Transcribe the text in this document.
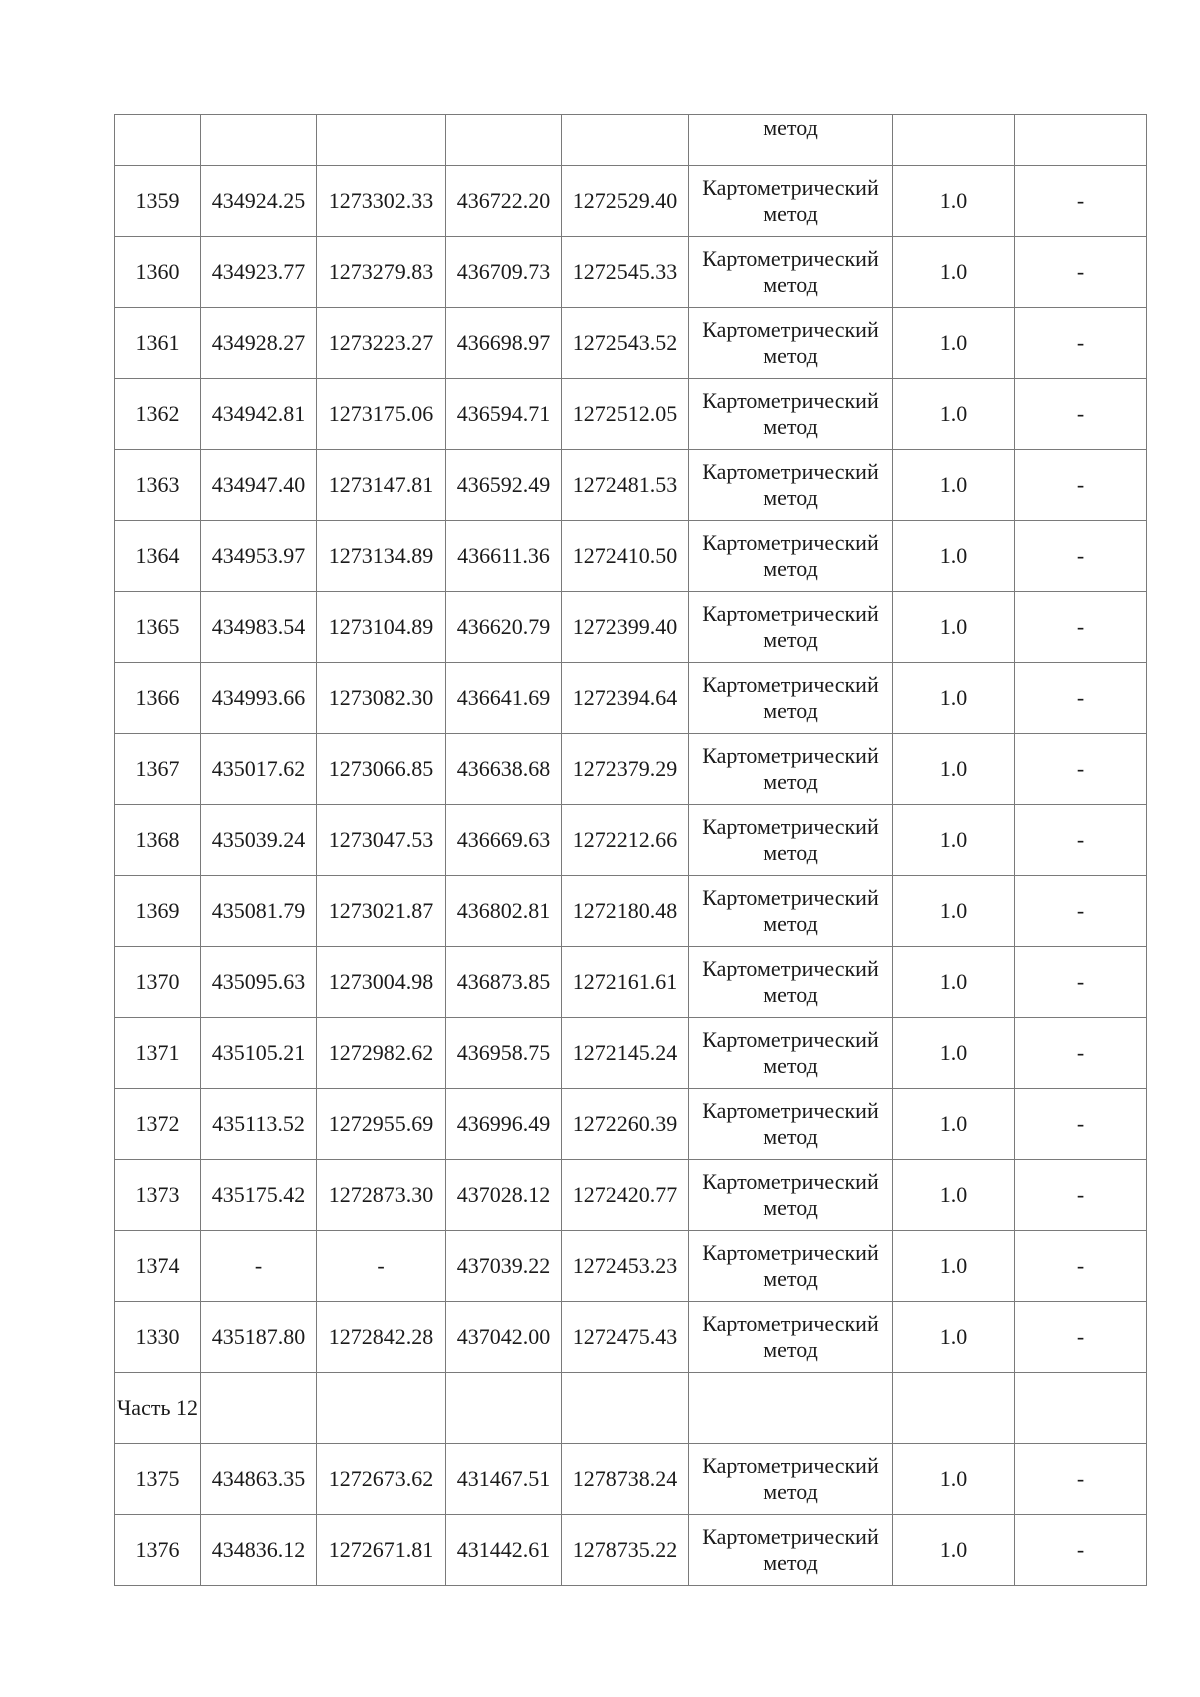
					метод		
1359	434924.25	1273302.33	436722.20	1272529.40	Картометрический метод	1.0	-
1360	434923.77	1273279.83	436709.73	1272545.33	Картометрический метод	1.0	-
1361	434928.27	1273223.27	436698.97	1272543.52	Картометрический метод	1.0	-
1362	434942.81	1273175.06	436594.71	1272512.05	Картометрический метод	1.0	-
1363	434947.40	1273147.81	436592.49	1272481.53	Картометрический метод	1.0	-
1364	434953.97	1273134.89	436611.36	1272410.50	Картометрический метод	1.0	-
1365	434983.54	1273104.89	436620.79	1272399.40	Картометрический метод	1.0	-
1366	434993.66	1273082.30	436641.69	1272394.64	Картометрический метод	1.0	-
1367	435017.62	1273066.85	436638.68	1272379.29	Картометрический метод	1.0	-
1368	435039.24	1273047.53	436669.63	1272212.66	Картометрический метод	1.0	-
1369	435081.79	1273021.87	436802.81	1272180.48	Картометрический метод	1.0	-
1370	435095.63	1273004.98	436873.85	1272161.61	Картометрический метод	1.0	-
1371	435105.21	1272982.62	436958.75	1272145.24	Картометрический метод	1.0	-
1372	435113.52	1272955.69	436996.49	1272260.39	Картометрический метод	1.0	-
1373	435175.42	1272873.30	437028.12	1272420.77	Картометрический метод	1.0	-
1374	-	-	437039.22	1272453.23	Картометрический метод	1.0	-
1330	435187.80	1272842.28	437042.00	1272475.43	Картометрический метод	1.0	-
Часть 12							
1375	434863.35	1272673.62	431467.51	1278738.24	Картометрический метод	1.0	-
1376	434836.12	1272671.81	431442.61	1278735.22	Картометрический метод	1.0	-
